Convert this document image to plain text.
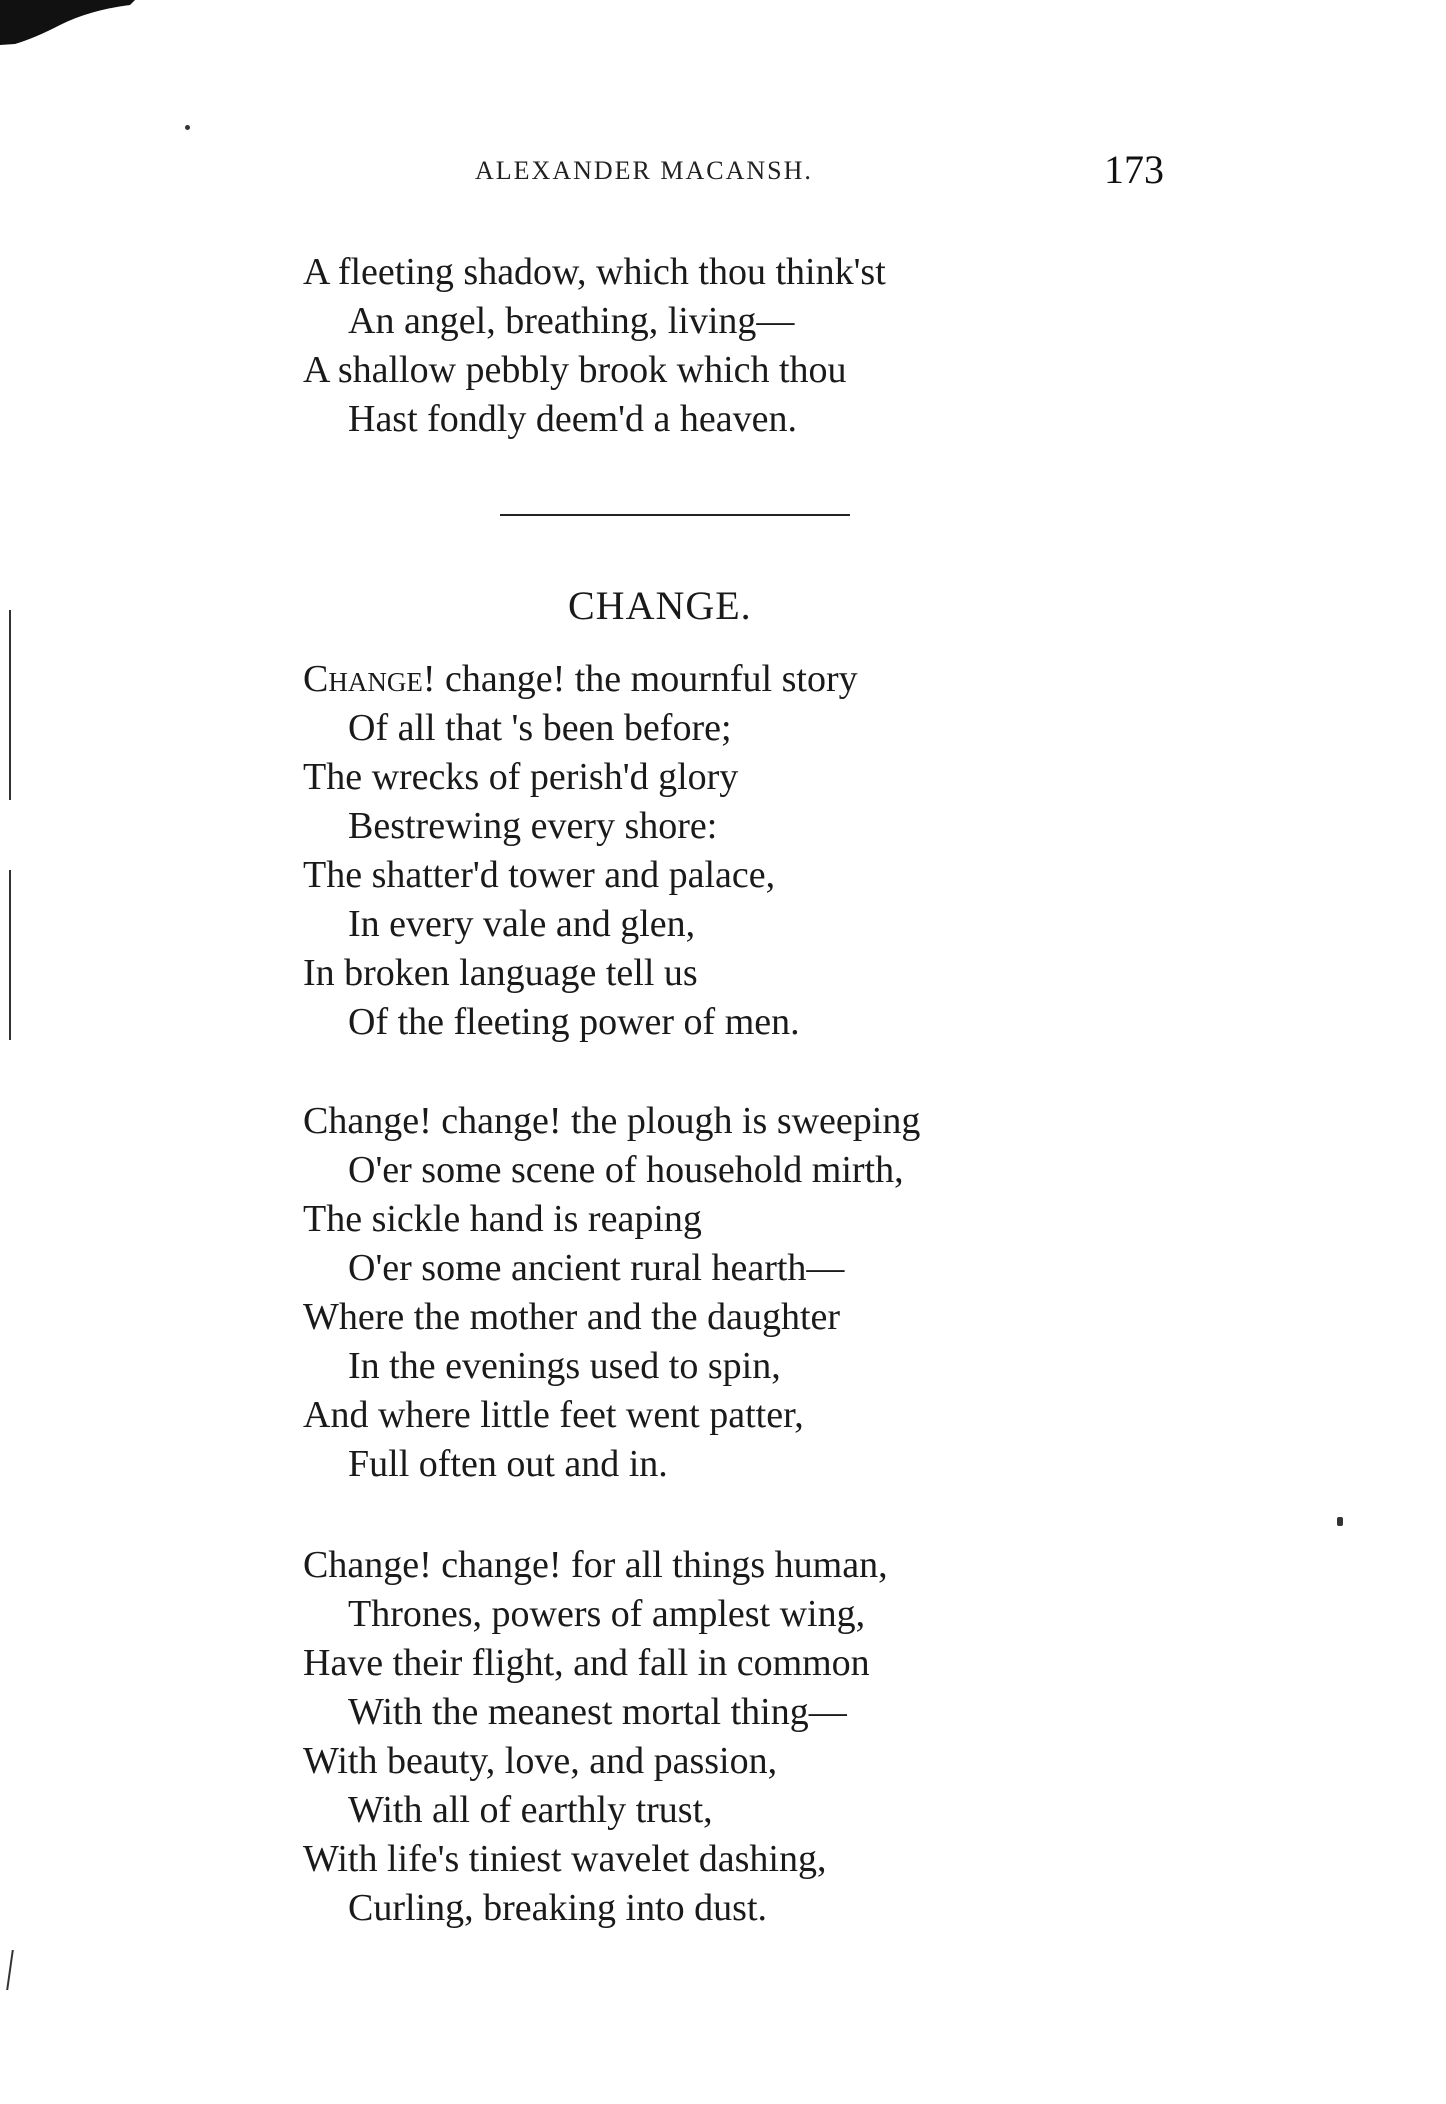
ALEXANDER MACANSH.	173
A fleeting shadow, which thou think'st
An angel, breathing, living—
A shallow pebbly brook which thou
Hast fondly deem'd a heaven.
CHANGE.
Change! change! the mournful story
Of all that 's been before;
The wrecks of perish'd glory
Bestrewing every shore:
The shatter'd tower and palace,
In every vale and glen,
In broken language tell us
Of the fleeting power of men.
Change! change! the plough is sweeping
O'er some scene of household mirth,
The sickle hand is reaping
O'er some ancient rural hearth—
Where the mother and the daughter
In the evenings used to spin,
And where little feet went patter,
Full often out and in.
Change! change! for all things human,
Thrones, powers of amplest wing,
Have their flight, and fall in common
With the meanest mortal thing—
With beauty, love, and passion,
With all of earthly trust,
With life's tiniest wavelet dashing,
Curling, breaking into dust.
